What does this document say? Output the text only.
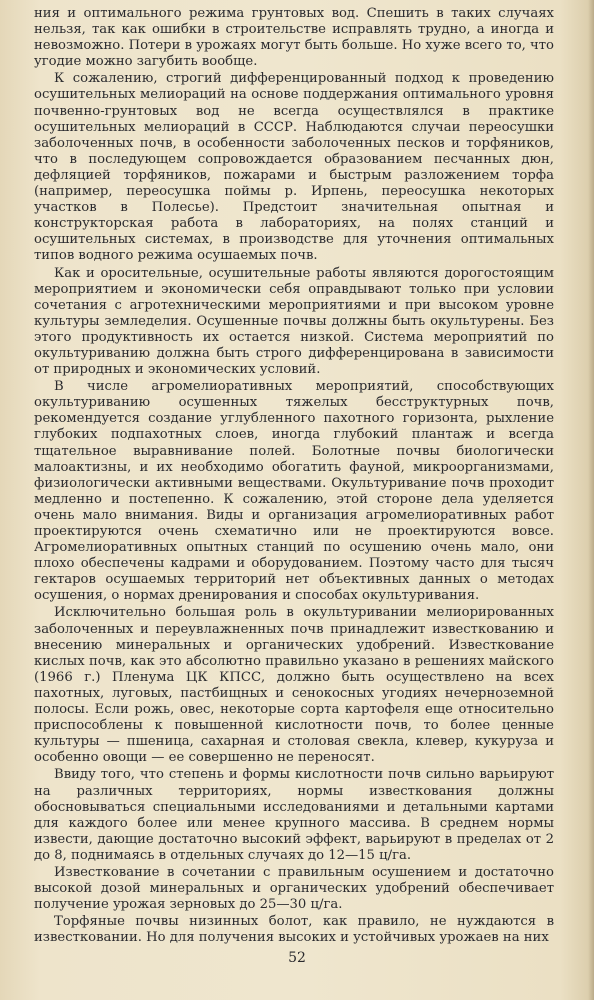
ния и оптимального режима грунтовых вод. Спешить в таких случаях нельзя, так как ошибки в строительстве исправлять трудно, а иногда и невозможно. Потери в урожаях могут быть больше. Но хуже всего то, что угодие можно загубить вообще.

К сожалению, строгий дифференцированный подход к проведению осушительных мелиораций на основе поддержания оптимального уровня почвенно-грунтовых вод не всегда осуществлялся в практике осушительных мелиораций в СССР. Наблюдаются случаи переосушки заболоченных почв, в особенности заболоченных песков и торфяников, что в последующем сопровождается образованием песчанных дюн, дефляцией торфяников, пожарами и быстрым разложением торфа (например, переосушка поймы р. Ирпень, переосушка некоторых участков в Полесье). Предстоит значительная опытная и конструкторская работа в лабораториях, на полях станций и осушительных системах, в производстве для уточнения оптимальных типов водного режима осушаемых почв.

Как и оросительные, осушительные работы являются дорогостоящим мероприятием и экономически себя оправдывают только при условии сочетания с агротехническими мероприятиями и при высоком уровне культуры земледелия. Осушенные почвы должны быть окультурены. Без этого продуктивность их остается низкой. Система мероприятий по окультуриванию должна быть строго дифференцирована в зависимости от природных и экономических условий.

В числе агромелиоративных мероприятий, способствующих окультуриванию осушенных тяжелых бесструктурных почв, рекомендуется создание углубленного пахотного горизонта, рыхление глубоких подпахотных слоев, иногда глубокий плантаж и всегда тщательное выравнивание полей. Болотные почвы биологически малоактизны, и их необходимо обогатить фауной, микроорганизмами, физиологически активными веществами. Окультуривание почв проходит медленно и постепенно. К сожалению, этой стороне дела уделяется очень мало внимания. Виды и организация агромелиоративных работ проектируются очень схематично или не проектируются вовсе. Агромелиоративных опытных станций по осушению очень мало, они плохо обеспечены кадрами и оборудованием. Поэтому часто для тысяч гектаров осушаемых территорий нет объективных данных о методах осушения, о нормах дренирования и способах окультуривания.

Исключительно большая роль в окультуривании мелиорированных заболоченных и переувлажненных почв принадлежит известкованию и внесению минеральных и органических удобрений. Известкование кислых почв, как это абсолютно правильно указано в решениях майского (1966 г.) Пленума ЦК КПСС, должно быть осуществлено на всех пахотных, луговых, пастбищных и сенокосных угодиях нечерноземной полосы. Если рожь, овес, некоторые сорта картофеля еще относительно приспособлены к повышенной кислотности почв, то более ценные культуры — пшеница, сахарная и столовая свекла, клевер, кукуруза и особенно овощи — ее совершенно не переносят.

Ввиду того, что степень и формы кислотности почв сильно варьируют на различных территориях, нормы известкования должны обосновываться специальными исследованиями и детальными картами для каждого более или менее крупного массива. В среднем нормы извести, дающие достаточно высокий эффект, варьируют в пределах от 2 до 8, поднимаясь в отдельных случаях до 12—15 ц/га.

Известкование в сочетании с правильным осушением и достаточно высокой дозой минеральных и органических удобрений обеспечивает получение урожая зерновых до 25—30 ц/га.

Торфяные почвы низинных болот, как правило, не нуждаются в известковании. Но для получения высоких и устойчивых урожаев на них

52
